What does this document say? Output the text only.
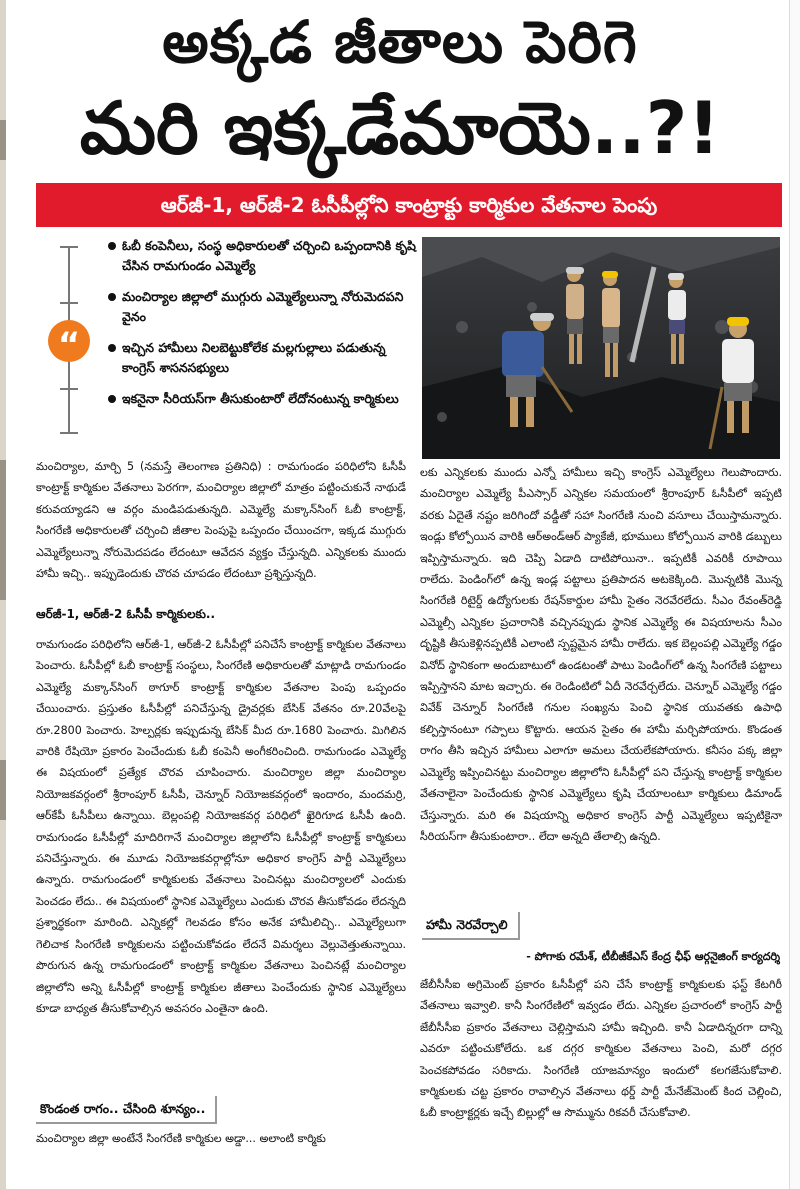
అక్కడ జీతాలు పెరిగె
మరి ఇక్కడేమాయె..?!
ఆర్‌జీ-1, ఆర్‌జీ-2 ఓసీపీల్లోని కాంట్రాక్టు కార్మికుల వేతనాల పెంపు
“
ఓబీ కంపెనీలు, సంస్థ అధికారులతో చర్చించి ఒప్పందానికి కృషి చేసిన రామగుండం ఎమ్మెల్యే
మంచిర్యాల జిల్లాలో ముగ్గురు ఎమ్మెల్యేలున్నా నోరుమెదపని వైనం
ఇచ్చిన హామీలు నిలబెట్టుకోలేక మల్లగుల్లాలు పడుతున్న కాంగ్రెస్ శాసనసభ్యులు
ఇకనైనా సీరియస్‌గా తీసుకుంటారో లేదోనంటున్న కార్మికులు

మంచిర్యాల, మార్చి 5 (నమస్తే తెలంగాణ ప్రతినిధి) : రామగుండం పరిధిలోని ఓసీపీ కాంట్రాక్ట్ కార్మికుల వేతనాలు పెరగగా, మంచిర్యాల జిల్లాలో మాత్రం పట్టించుకునే నాథుడే కరువయ్యాడని ఆ వర్గం మండిపడుతున్నది. ఎమ్మెల్యే మక్కాన్‌సింగ్ ఓబీ కాంట్రాక్ట్, సింగరేణి అధికారులతో చర్చించి జీతాల పెంపుపై ఒప్పందం చేయించగా, ఇక్కడ ముగ్గురు ఎమ్మెల్యేలున్నా నోరుమెదపడం లేదంటూ ఆవేదన వ్యక్తం చేస్తున్నది. ఎన్నికలకు ముందు హామీ ఇచ్చి.. ఇప్పుడెందుకు చొరవ చూపడం లేదంటూ ప్రశ్నిస్తున్నది.

ఆర్‌జీ-1, ఆర్‌జీ-2 ఓసీపీ కార్మికులకు..

రామగుండం పరిధిలోని ఆర్‌జీ-1, ఆర్‌జీ-2 ఓసీపీల్లో పనిచేసే కాంట్రాక్ట్ కార్మికుల వేతనాలు పెంచారు. ఓసీపీల్లో ఓబీ కాంట్రాక్ట్ సంస్థలు, సింగరేణి అధికారులతో మాట్లాడి రామగుండం ఎమ్మెల్యే మక్కాన్‌సింగ్ ఠాగూర్ కాంట్రాక్ట్ కార్మికుల వేతనాల పెంపు ఒప్పందం చేయించారు. ప్రస్తుతం ఓసీపీల్లో పనిచేస్తున్న డ్రైవర్లకు బేసిక్ వేతనం రూ.20వేలపై రూ.2800 పెంచారు. హెల్పర్లకు ఇప్పుడున్న బేసిక్ మీద రూ.1680 పెంచారు. మిగిలిన వారికి రేషియో ప్రకారం పెంచేందుకు ఓబీ కంపెనీ అంగీకరించింది. రామగుండం ఎమ్మెల్యే ఈ విషయంలో ప్రత్యేక చొరవ చూపించారు. మంచిర్యాల జిల్లా మంచిర్యాల నియోజకవర్గంలో శ్రీరాంపూర్ ఓసీపీ, చెన్నూర్ నియోజకవర్గంలో ఇందారం, మందమర్రి, ఆర్‌కేపీ ఓసీపీలు ఉన్నాయి. బెల్లంపల్లి నియోజకవర్గ పరిధిలో ఖైరిగూడ ఓసీపీ ఉంది. రామగుండం ఓసీపీల్లో మాదిరిగానే మంచిర్యాల జిల్లాలోని ఓసీపీల్లో కాంట్రాక్ట్ కార్మికులు పనిచేస్తున్నారు. ఈ మూడు నియోజకవర్గాల్లోనూ అధికార కాంగ్రెస్ పార్టీ ఎమ్మెల్యేలు ఉన్నారు. రామగుండంలో కార్మికులకు వేతనాలు పెంచినట్లు మంచిర్యాలలో ఎందుకు పెంచడం లేదు.. ఈ విషయంలో స్థానిక ఎమ్మెల్యేలు ఎందుకు చొరవ తీసుకోవడం లేదన్నది ప్రశ్నార్థకంగా మారింది. ఎన్నికల్లో గెలవడం కోసం అనేక హామీలిచ్చి.. ఎమ్మెల్యేలుగా గెలిచాక సింగరేణి కార్మికులను పట్టించుకోవడం లేదనే విమర్శలు వెల్లువెత్తుతున్నాయి. పొరుగున ఉన్న రామగుండంలో కాంట్రాక్ట్ కార్మికుల వేతనాలు పెంచినట్లే మంచిర్యాల జిల్లాలోని అన్ని ఓసీపీల్లో కాంట్రాక్ట్ కార్మికుల జీతాలు పెంచేందుకు స్థానిక ఎమ్మెల్యేలు కూడా బాధ్యత తీసుకోవాల్సిన అవసరం ఎంతైనా ఉంది.

కొండంత రాగం.. చేసింది శూన్యం..

మంచిర్యాల జిల్లా అంటేనే సింగరేణి కార్మికుల అడ్డా... అలాంటి కార్మికు

లకు ఎన్నికలకు ముందు ఎన్నో హామీలు ఇచ్చి కాంగ్రెస్ ఎమ్మెల్యేలు గెలుపొందారు. మంచిర్యాల ఎమ్మెల్యే పీఎస్సార్ ఎన్నికల సమయంలో శ్రీరాంపూర్ ఓసీపీలో ఇప్పటి వరకు ఏదైతే నష్టం జరిగిందో వడ్డీతో సహా సింగరేణి నుంచి వసూలు చేయిస్తామన్నారు. ఇండ్లు కోల్పోయిన వారికి ఆర్‌అండ్ఆర్ ప్యాకేజీ, భూములు కోల్పోయిన వారికి డబ్బులు ఇప్పిస్తామన్నారు. ఇది చెప్పి ఏడాది దాటిపోయినా.. ఇప్పటికీ ఎవరికీ రూపాయి రాలేదు. పెండింగ్‌లో ఉన్న ఇండ్ల పట్టాలు ప్రతిపాదన అటకెక్కింది. మొన్నటికి మొన్న సింగరేణి రిటైర్డ్ ఉద్యోగులకు రేషన్‌కార్డుల హామీ సైతం నెరవేరలేదు. సీఎం రేవంత్‌రెడ్డి ఎమ్మెల్సీ ఎన్నికల ప్రచారానికి వచ్చినప్పుడు స్థానిక ఎమ్మెల్యే ఈ విషయాలను సీఎం దృష్టికి తీసుకెళ్లినప్పటికీ ఎలాంటి స్పష్టమైన హామీ రాలేదు. ఇక బెల్లంపల్లి ఎమ్మెల్యే గడ్డం వినోద్ స్థానికంగా అందుబాటులో ఉండటంతో పాటు పెండింగ్‌లో ఉన్న సింగరేణి పట్టాలు ఇప్పిస్తానని మాట ఇచ్చారు. ఈ రెండింటిలో ఏదీ నెరవేర్చలేదు. చెన్నూర్ ఎమ్మెల్యే గడ్డం వివేక్ చెన్నూర్ సింగరేణి గనుల సంఖ్యను పెంచి స్థానిక యువతకు ఉపాధి కల్పిస్తానంటూ గప్పాలు కొట్టారు. ఆయన సైతం ఈ హామీ మర్చిపోయారు. కొండంత రాగం తీసి ఇచ్చిన హామీలు ఎలాగూ అమలు చేయలేకపోయారు. కనీసం పక్క జిల్లా ఎమ్మెల్యే ఇప్పించినట్టు మంచిర్యాల జిల్లాలోని ఓసీపీల్లో పని చేస్తున్న కాంట్రాక్ట్ కార్మికుల వేతనాలైనా పెంచేందుకు స్థానిక ఎమ్మెల్యేలు కృషి చేయాలంటూ కార్మికులు డిమాండ్ చేస్తున్నారు. మరి ఈ విషయాన్ని అధికార కాంగ్రెస్ పార్టీ ఎమ్మెల్యేలు ఇప్పటికైనా సీరియస్‌గా తీసుకుంటారా.. లేదా అన్నది తేలాల్సి ఉన్నది.

హామీ నెరవేర్చాలి
- పోగాకు రమేశ్, టీబీజీకేఎస్ కేంద్ర ఛీఫ్ ఆర్గనైజింగ్ కార్యదర్శి

జేబీసీసీఐ అగ్రిమెంట్ ప్రకారం ఓసీపీల్లో పని చేసే కాంట్రాక్ట్ కార్మికులకు ఫస్ట్ కేటగిరీ వేతనాలు ఇవ్వాలి. కానీ సింగరేణిలో ఇవ్వడం లేదు. ఎన్నికల ప్రచారంలో కాంగ్రెస్ పార్టీ జేబీసీసీఐ ప్రకారం వేతనాలు చెల్లిస్తామని హామీ ఇచ్చింది. కానీ ఏడాదిన్నరగా దాన్ని ఎవరూ పట్టించుకోలేదు. ఒక దగ్గర కార్మికుల వేతనాలు పెంచి, మరో దగ్గర పెంచకపోవడం సరికాదు. సింగరేణి యాజమాన్యం ఇందులో కలగజేసుకోవాలి. కార్మికులకు చట్ట ప్రకారం రావాల్సిన వేతనాలు థర్డ్ పార్టీ మేనేజ్‌మెంట్ కింద చెల్లించి, ఓబీ కాంట్రాక్టర్లకు ఇచ్చే బిల్లుల్లో ఆ సొమ్మును రికవరీ చేసుకోవాలి.
